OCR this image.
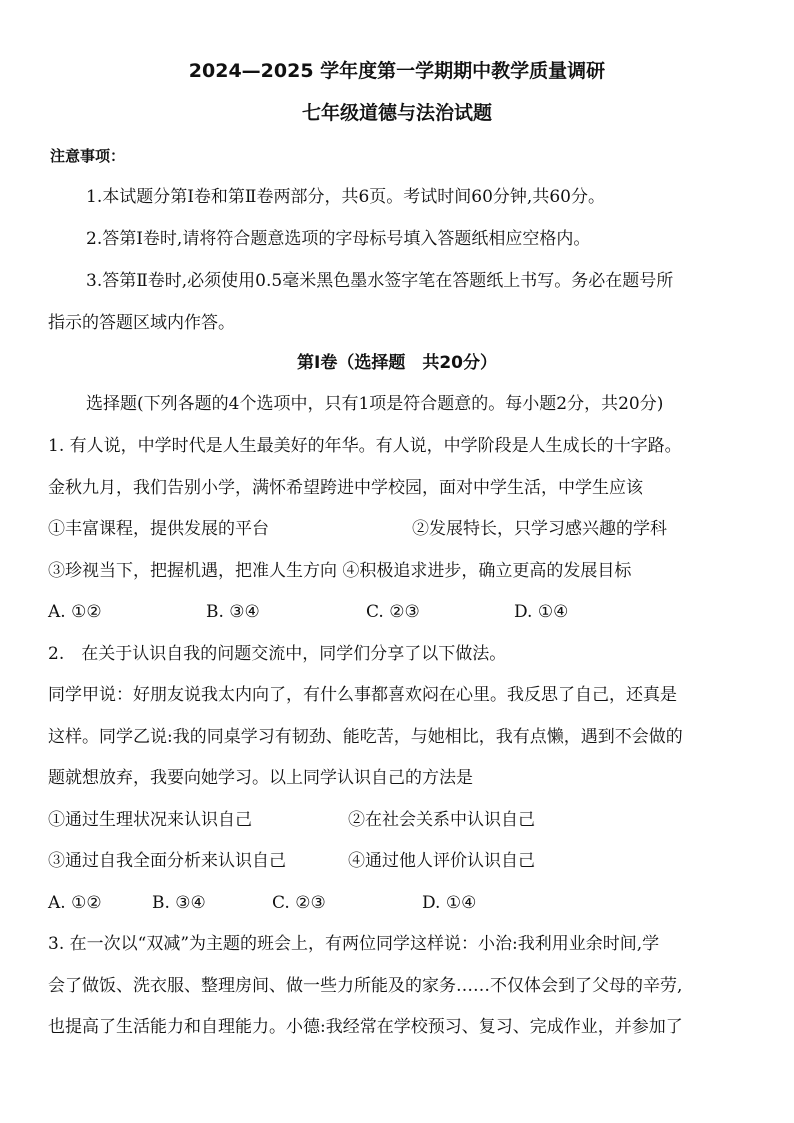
2024—2025 学年度第一学期期中教学质量调研
七年级道德与法治试题
注意事项：
1.本试题分第Ⅰ卷和第Ⅱ卷两部分，共6页。考试时间60分钟,共60分。
2.答第Ⅰ卷时,请将符合题意选项的字母标号填入答题纸相应空格内。
3.答第Ⅱ卷时,必须使用0.5毫米黑色墨水签字笔在答题纸上书写。务必在题号所
指示的答题区域内作答。
第Ⅰ卷（选择题　共20分）
选择题(下列各题的4个选项中，只有1项是符合题意的。每小题2分，共20分)
1. 有人说，中学时代是人生最美好的年华。有人说，中学阶段是人生成长的十字路。
金秋九月，我们告别小学，满怀希望跨进中学校园，面对中学生活，中学生应该
①丰富课程，提供发展的平台	②发展特长，只学习感兴趣的学科
③珍视当下，把握机遇，把准人生方向 ④积极追求进步，确立更高的发展目标
A. ①②	B. ③④	C. ②③	D. ①④
2.　在关于认识自我的问题交流中，同学们分享了以下做法。
同学甲说：好朋友说我太内向了，有什么事都喜欢闷在心里。我反思了自己，还真是
这样。同学乙说:我的同桌学习有韧劲、能吃苦，与她相比，我有点懒，遇到不会做的
题就想放弃，我要向她学习。以上同学认识自己的方法是
①通过生理状况来认识自己	②在社会关系中认识自己
③通过自我全面分析来认识自己	④通过他人评价认识自己
A. ①②	B. ③④	C. ②③	D. ①④
3. 在一次以“双减”为主题的班会上，有两位同学这样说：小治:我利用业余时间,学
会了做饭、洗衣服、整理房间、做一些力所能及的家务……不仅体会到了父母的辛劳,
也提高了生活能力和自理能力。小德:我经常在学校预习、复习、完成作业，并参加了
